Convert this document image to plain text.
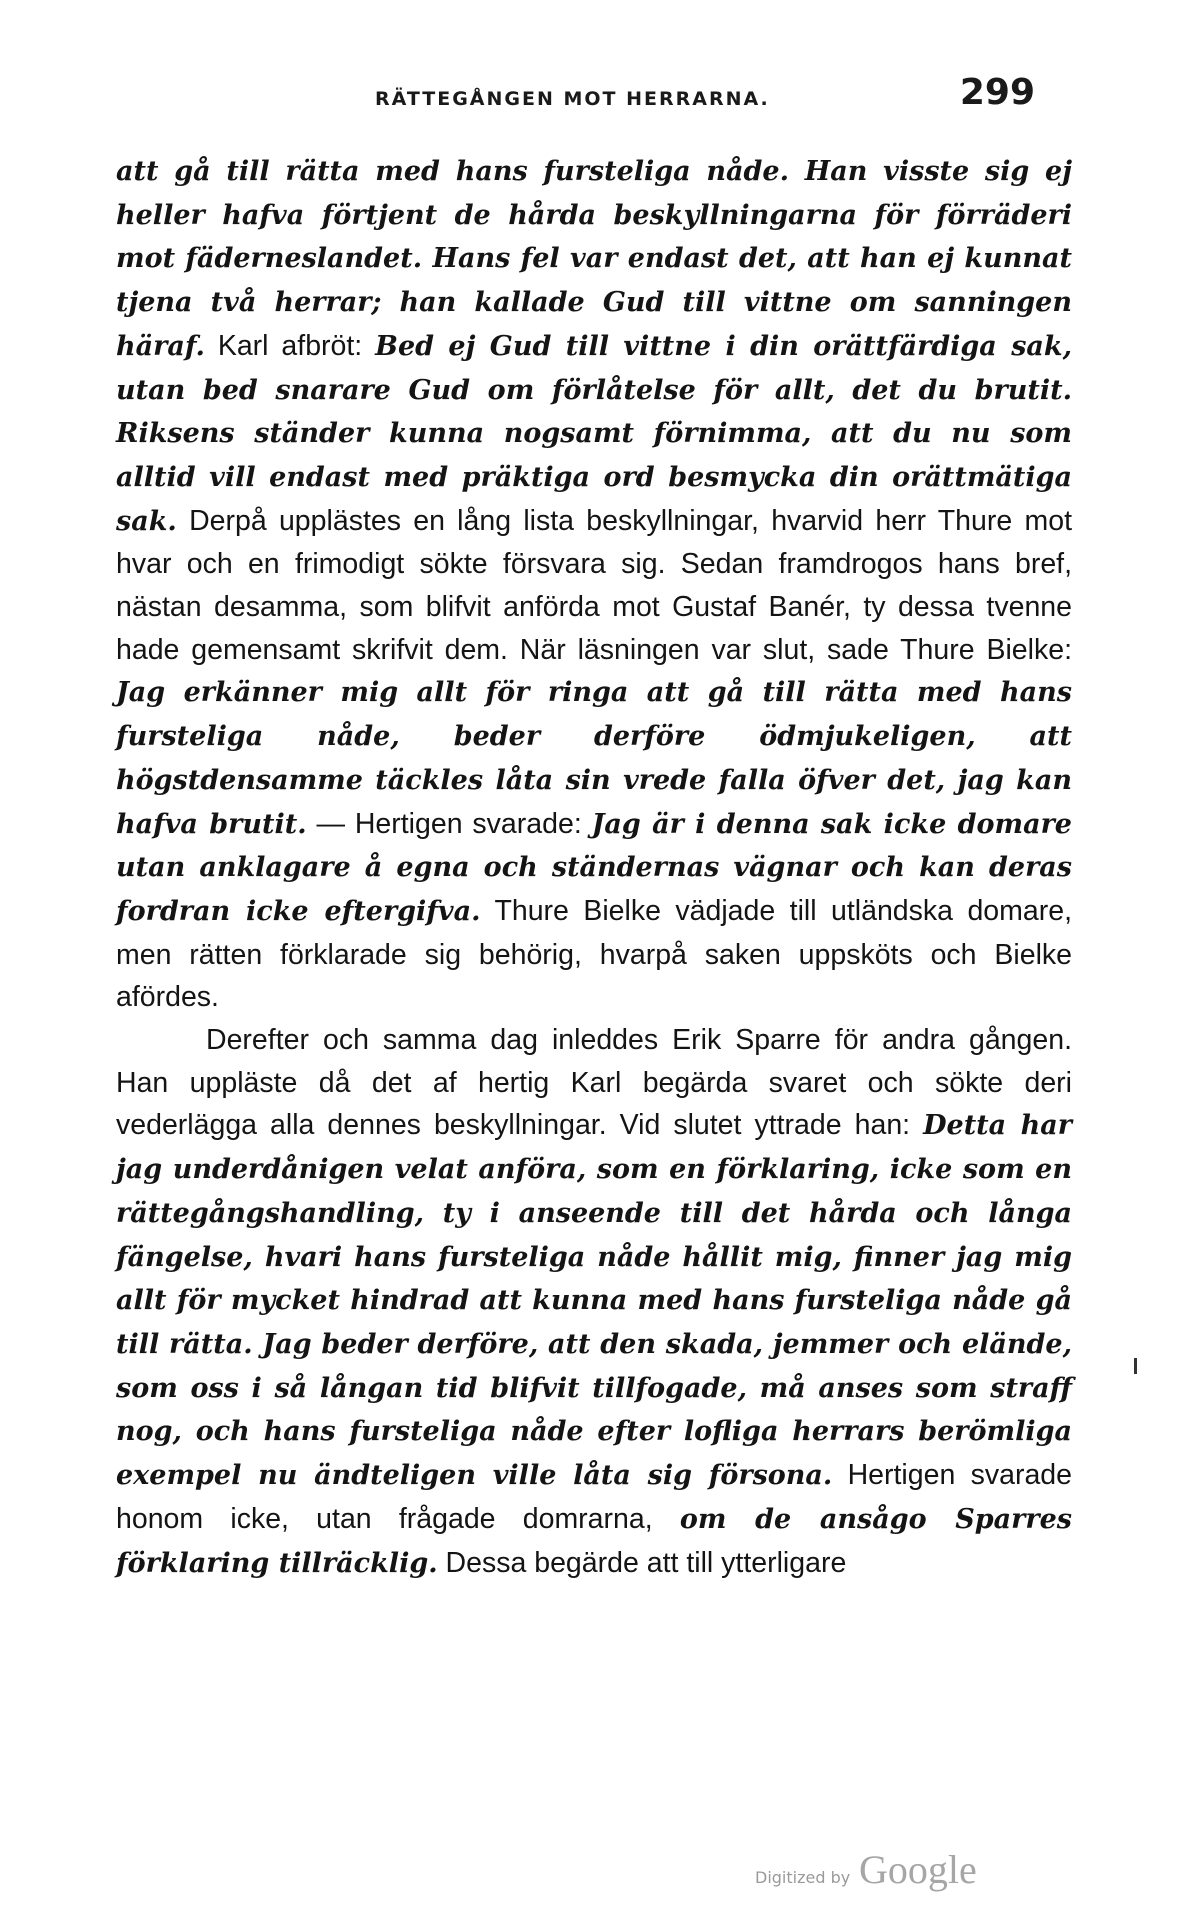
RÄTTEGÅNGEN MOT HERRARNA.	299

att gå till rätta med hans fursteliga nåde. Han visste sig ej heller hafva förtjent de hårda beskyllningarna för förräderi mot fäderneslandet. Hans fel var endast det, att han ej kunnat tjena två herrar; han kallade Gud till vittne om sanningen häraf. Karl afbröt: Bed ej Gud till vittne i din orättfärdiga sak, utan bed snarare Gud om förlåtelse för allt, det du brutit. Riksens ständer kunna nogsamt förnimma, att du nu som alltid vill endast med präktiga ord besmycka din orättmätiga sak. Derpå upplästes en lång lista beskyllningar, hvarvid herr Thure mot hvar och en frimodigt sökte försvara sig. Sedan framdrogos hans bref, nästan desamma, som blifvit anförda mot Gustaf Banér, ty dessa tvenne hade gemensamt skrifvit dem. När läsningen var slut, sade Thure Bielke: Jag erkänner mig allt för ringa att gå till rätta med hans fursteliga nåde, beder derföre ödmjukeligen, att högstdensamme täckles låta sin vrede falla öfver det, jag kan hafva brutit. — Hertigen svarade: Jag är i denna sak icke domare utan anklagare å egna och ständernas vägnar och kan deras fordran icke eftergifva. Thure Bielke vädjade till utländska domare, men rätten förklarade sig behörig, hvarpå saken uppsköts och Bielke afördes.

Derefter och samma dag inleddes Erik Sparre för andra gången. Han uppläste då det af hertig Karl begärda svaret och sökte deri vederlägga alla dennes beskyllningar. Vid slutet yttrade han: Detta har jag underdånigen velat anföra, som en förklaring, icke som en rättegångshandling, ty i anseende till det hårda och långa fängelse, hvari hans fursteliga nåde hållit mig, finner jag mig allt för mycket hindrad att kunna med hans fursteliga nåde gå till rätta. Jag beder derföre, att den skada, jemmer och elände, som oss i så långan tid blifvit tillfogade, må anses som straff nog, och hans fursteliga nåde efter lofliga herrars berömliga exempel nu ändteligen ville låta sig försona. Hertigen svarade honom icke, utan frågade domrarna, om de ansågo Sparres förklaring tillräcklig. Dessa begärde att till ytterligare

Digitized by Google
